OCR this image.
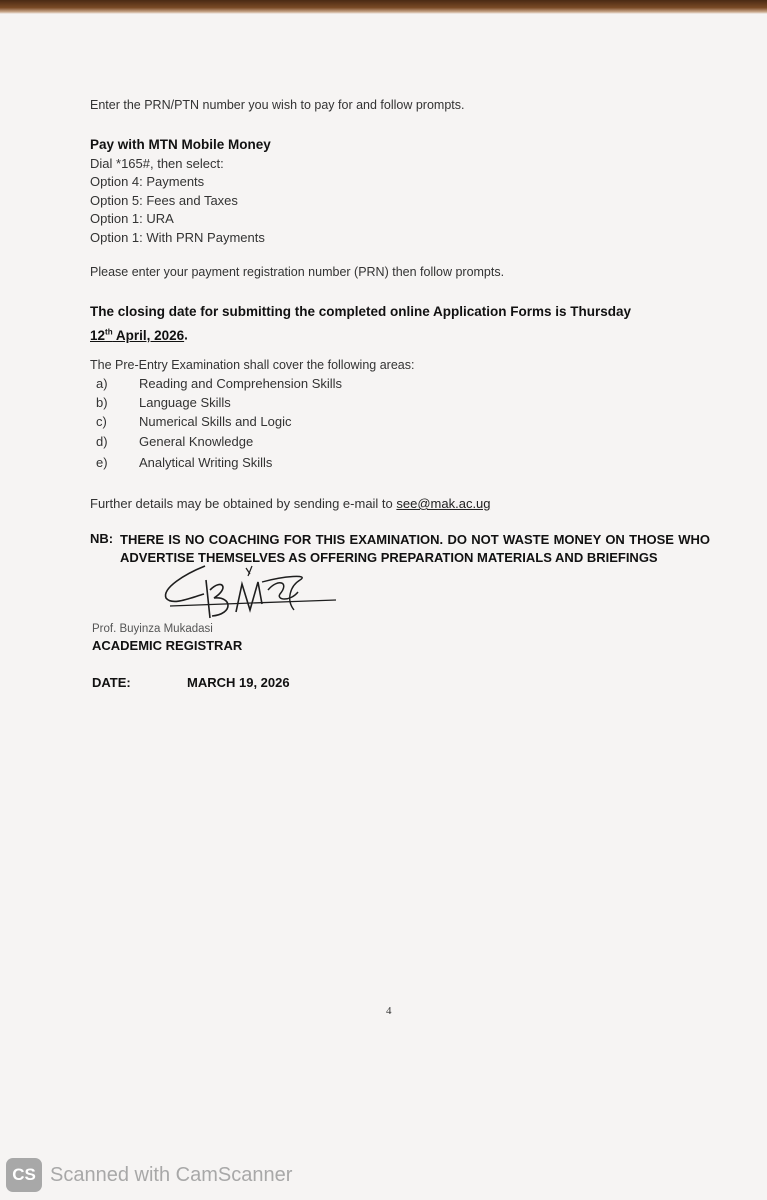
Enter the PRN/PTN number you wish to pay for and follow prompts.
Pay with MTN Mobile Money
Dial *165#, then select:
Option 4: Payments
Option 5: Fees and Taxes
Option 1: URA
Option 1: With PRN Payments
Please enter your payment registration number (PRN) then follow prompts.
The closing date for submitting the completed online Application Forms is Thursday
12th April, 2026.
The Pre-Entry Examination shall cover the following areas:
a) Reading and Comprehension Skills
b) Language Skills
c) Numerical Skills and Logic
d) General Knowledge
e) Analytical Writing Skills
Further details may be obtained by sending e-mail to see@mak.ac.ug
NB: THERE IS NO COACHING FOR THIS EXAMINATION. DO NOT WASTE MONEY ON THOSE WHO ADVERTISE THEMSELVES AS OFFERING PREPARATION MATERIALS AND BRIEFINGS
Prof. Buyinza Mukadasi
ACADEMIC REGISTRAR
DATE:	MARCH 19, 2026
4
CS Scanned with CamScanner
